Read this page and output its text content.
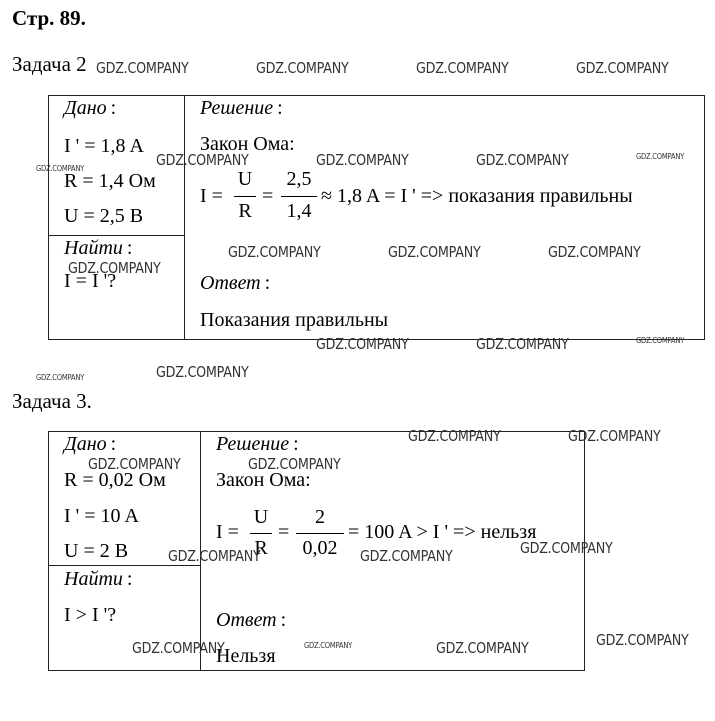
Стр. 89.
Задача 2
Дано :
I ' = 1,8 A
R = 1,4 Ом
U = 2,5 B
Найти :
I = I '?
Решение :
Закон Ома:
I =
U
R
=
2,5
1,4
≈ 1,8 A = I ' => показания правильны
Ответ :
Показания правильны
Задача 3.
Дано :
R = 0,02 Ом
I ' = 10 A
U = 2 B
Найти :
I > I '?
Решение :
Закон Ома:
I =
U
R
=
2
0,02
= 100 A > I ' => нельзя
Ответ :
Нельзя
GDZ.COMPANY	GDZ.COMPANY	GDZ.COMPANY	GDZ.COMPANY
GDZ.COMPANY	GDZ.COMPANY	GDZ.COMPANY	GDZ.COMPANY	GDZ.COMPANY
GDZ.COMPANY	GDZ.COMPANY	GDZ.COMPANY
GDZ.COMPANY
GDZ.COMPANY	GDZ.COMPANY	GDZ.COMPANY
GDZ.COMPANY	GDZ.COMPANY
GDZ.COMPANY	GDZ.COMPANY
GDZ.COMPANY	GDZ.COMPANY
GDZ.COMPANY	GDZ.COMPANY	GDZ.COMPANY
GDZ.COMPANY
GDZ.COMPANY	GDZ.COMPANY	GDZ.COMPANY
